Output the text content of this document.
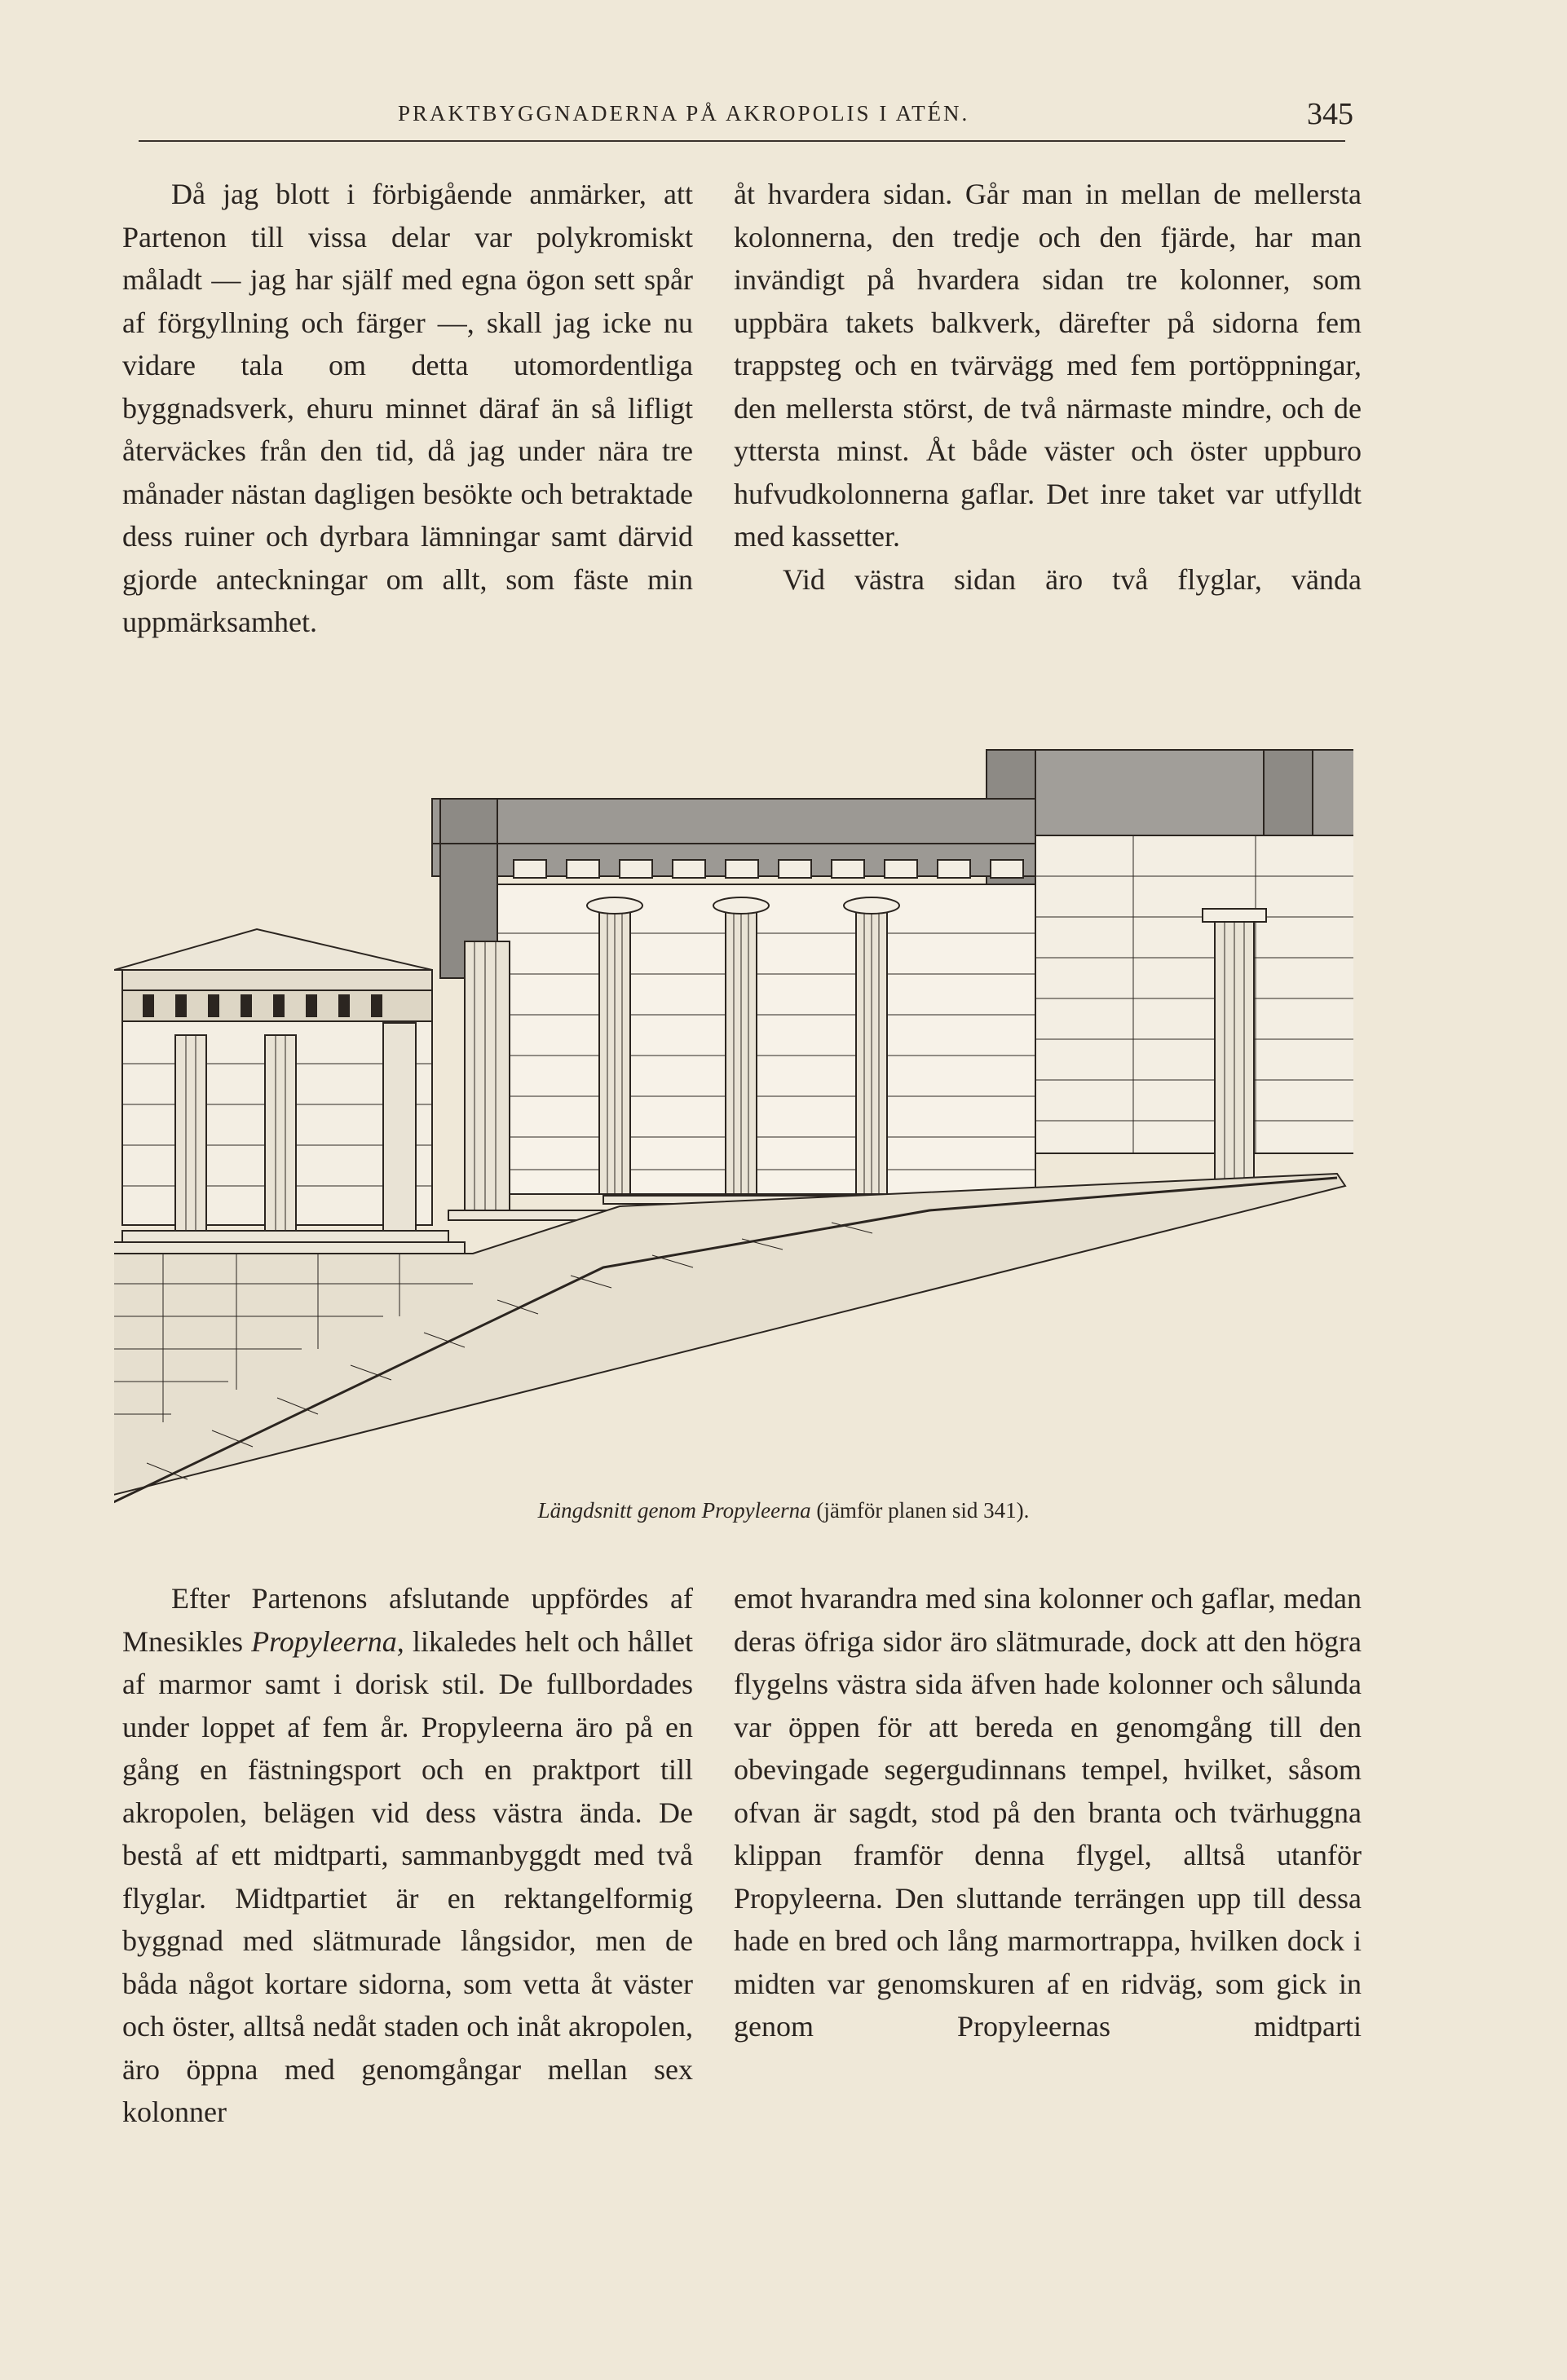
PRAKTBYGGNADERNA PÅ AKROPOLIS I ATÉN.	345

Då jag blott i förbigående anmärker, att Partenon till vissa delar var polykromiskt måladt — jag har själf med egna ögon sett spår af förgyllning och färger —, skall jag icke nu vidare tala om detta utomordentliga byggnadsverk, ehuru minnet däraf än så lifligt återväckes från den tid, då jag under nära tre månader nästan dagligen besökte och betraktade dess ruiner och dyrbara lämningar samt därvid gjorde anteckningar om allt, som fäste min uppmärksamhet.

åt hvardera sidan. Går man in mellan de mellersta kolonnerna, den tredje och den fjärde, har man invändigt på hvardera sidan tre kolonner, som uppbära takets balkverk, därefter på sidorna fem trappsteg och en tvärvägg med fem portöppningar, den mellersta störst, de två närmaste mindre, och de yttersta minst. Åt både väster och öster uppburo hufvudkolonnerna gaflar. Det inre taket var utfylldt med kassetter.

Vid västra sidan äro två flyglar, vända

Längdsnitt genom Propyleerna (jämför planen sid 341).

Efter Partenons afslutande uppfördes af Mnesikles Propyleerna, likaledes helt och hållet af marmor samt i dorisk stil. De fullbordades under loppet af fem år. Propyleerna äro på en gång en fästningsport och en praktport till akropolen, belägen vid dess västra ända. De bestå af ett midtparti, sammanbyggdt med två flyglar. Midtpartiet är en rektangelformig byggnad med slätmurade långsidor, men de båda något kortare sidorna, som vetta åt väster och öster, alltså nedåt staden och inåt akropolen, äro öppna med genomgångar mellan sex kolonner

emot hvarandra med sina kolonner och gaflar, medan deras öfriga sidor äro slätmurade, dock att den högra flygelns västra sida äfven hade kolonner och sålunda var öppen för att bereda en genomgång till den obevingade segergudinnans tempel, hvilket, såsom ofvan är sagdt, stod på den branta och tvärhuggna klippan framför denna flygel, alltså utanför Propyleerna. Den sluttande terrängen upp till dessa hade en bred och lång marmortrappa, hvilken dock i midten var genomskuren af en ridväg, som gick in genom Propyleernas midtparti
